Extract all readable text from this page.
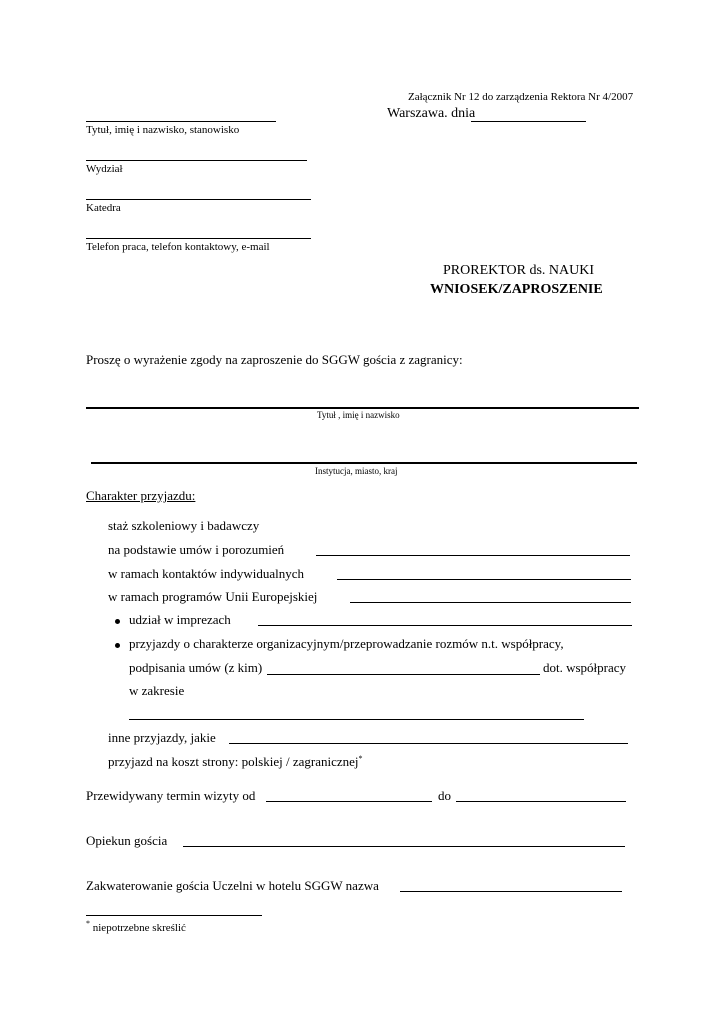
Załącznik Nr 12 do zarządzenia Rektora Nr 4/2007
Warszawa. dnia
Tytuł, imię i nazwisko, stanowisko
Wydział
Katedra
Telefon praca, telefon kontaktowy, e-mail
PROREKTOR ds. NAUKI
WNIOSEK/ZAPROSZENIE
Proszę o wyrażenie zgody na zaproszenie do SGGW gościa z zagranicy:
Tytuł , imię i nazwisko
Instytucja, miasto, kraj
Charakter przyjazdu:
staż szkoleniowy i badawczy
na podstawie umów i porozumień
w ramach kontaktów indywidualnych
w ramach programów Unii Europejskiej
udział w imprezach
przyjazdy o charakterze organizacyjnym/przeprowadzanie rozmów n.t. współpracy,
podpisania umów (z kim)	dot. współpracy
w zakresie
inne przyjazdy, jakie
przyjazd na koszt strony: polskiej / zagranicznej*
Przewidywany termin wizyty od	do
Opiekun gościa
Zakwaterowanie gościa Uczelni w hotelu SGGW nazwa
* niepotrzebne skreślić
